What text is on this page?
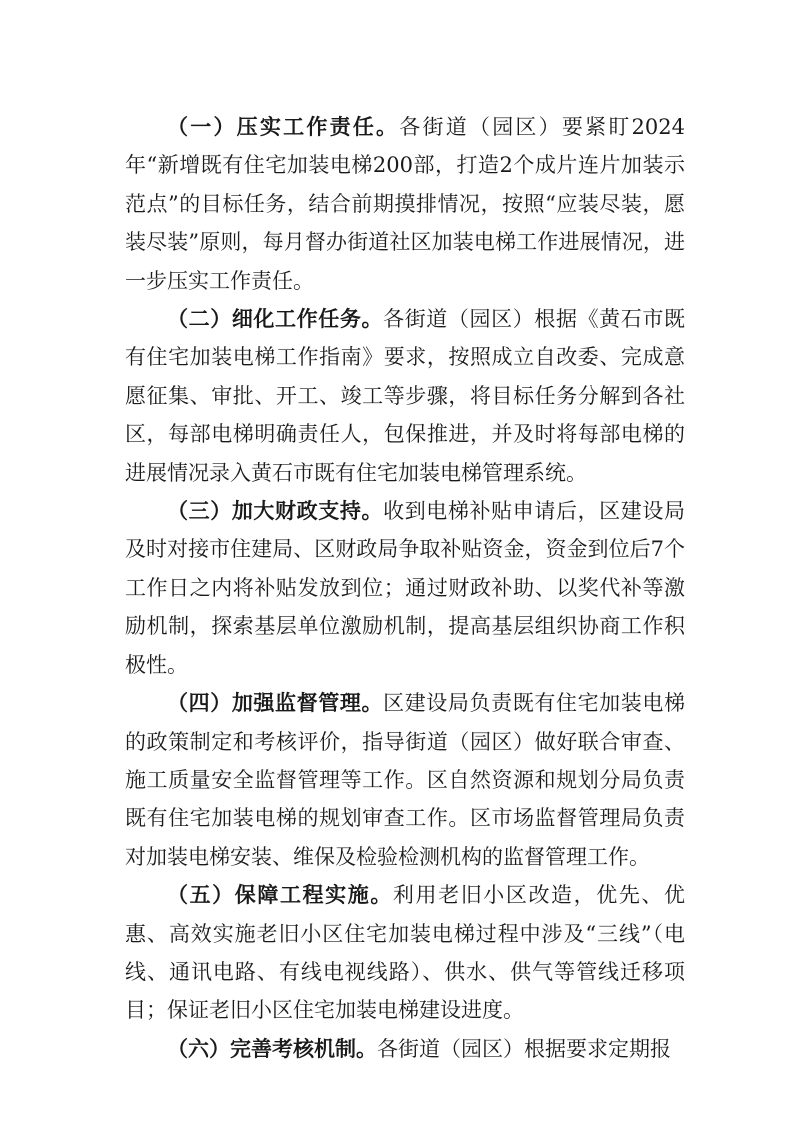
（一）压实工作责任。各街道（园区）要紧盯2024年“新增既有住宅加装电梯200部，打造2个成片连片加装示范点”的目标任务，结合前期摸排情况，按照“应装尽装，愿装尽装”原则，每月督办街道社区加装电梯工作进展情况，进一步压实工作责任。

（二）细化工作任务。各街道（园区）根据《黄石市既有住宅加装电梯工作指南》要求，按照成立自改委、完成意愿征集、审批、开工、竣工等步骤，将目标任务分解到各社区，每部电梯明确责任人，包保推进，并及时将每部电梯的进展情况录入黄石市既有住宅加装电梯管理系统。

（三）加大财政支持。收到电梯补贴申请后，区建设局及时对接市住建局、区财政局争取补贴资金，资金到位后7个工作日之内将补贴发放到位；通过财政补助、以奖代补等激励机制，探索基层单位激励机制，提高基层组织协商工作积极性。

（四）加强监督管理。区建设局负责既有住宅加装电梯的政策制定和考核评价，指导街道（园区）做好联合审查、施工质量安全监督管理等工作。区自然资源和规划分局负责既有住宅加装电梯的规划审查工作。区市场监督管理局负责对加装电梯安装、维保及检验检测机构的监督管理工作。

（五）保障工程实施。利用老旧小区改造，优先、优惠、高效实施老旧小区住宅加装电梯过程中涉及“三线”（电线、通讯电路、有线电视线路）、供水、供气等管线迁移项目；保证老旧小区住宅加装电梯建设进度。

（六）完善考核机制。各街道（园区）根据要求定期报
